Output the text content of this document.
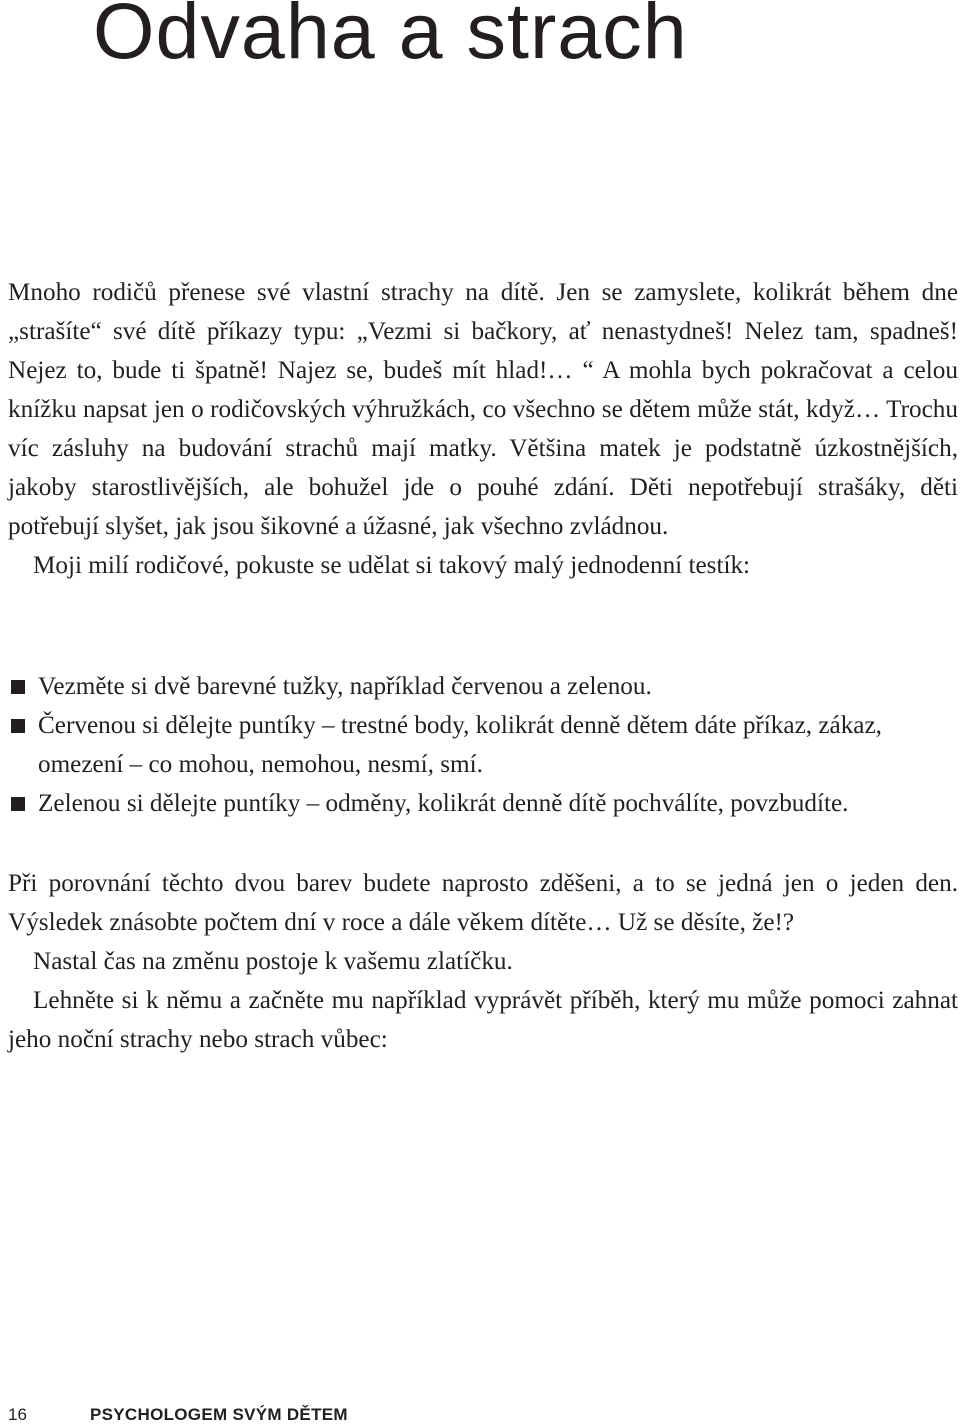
Odvaha a strach

Mnoho rodičů přenese své vlastní strachy na dítě. Jen se zamyslete, kolikrát během dne „strašíte“ své dítě příkazy typu: „Vezmi si bačkory, ať nenastydneš! Nelez tam, spadneš! Nejez to, bude ti špatně! Najez se, budeš mít hlad!… “ A mohla bych pokračovat a celou knížku napsat jen o rodičovských výhružkách, co všechno se dětem může stát, když… Trochu víc zásluhy na budování strachů mají matky. Většina matek je podstatně úzkostnějších, jakoby starostlivějších, ale bohužel jde o pouhé zdání. Děti nepotřebují strašáky, děti potřebují slyšet, jak jsou šikovné a úžasné, jak všechno zvládnou.

Moji milí rodičové, pokuste se udělat si takový malý jednodenní testík:

Vezměte si dvě barevné tužky, například červenou a zelenou.
Červenou si dělejte puntíky – trestné body, kolikrát denně dětem dáte příkaz, zákaz, omezení – co mohou, nemohou, nesmí, smí.
Zelenou si dělejte puntíky – odměny, kolikrát denně dítě pochválíte, povzbudíte.

Při porovnání těchto dvou barev budete naprosto zděšeni, a to se jedná jen o jeden den. Výsledek znásobte počtem dní v roce a dále věkem dítěte… Už se děsíte, že!?

Nastal čas na změnu postoje k vašemu zlatíčku.

Lehněte si k němu a začněte mu například vyprávět příběh, který mu může pomoci zahnat jeho noční strachy nebo strach vůbec:

16	PSYCHOLOGEM SVÝM DĚTEM
